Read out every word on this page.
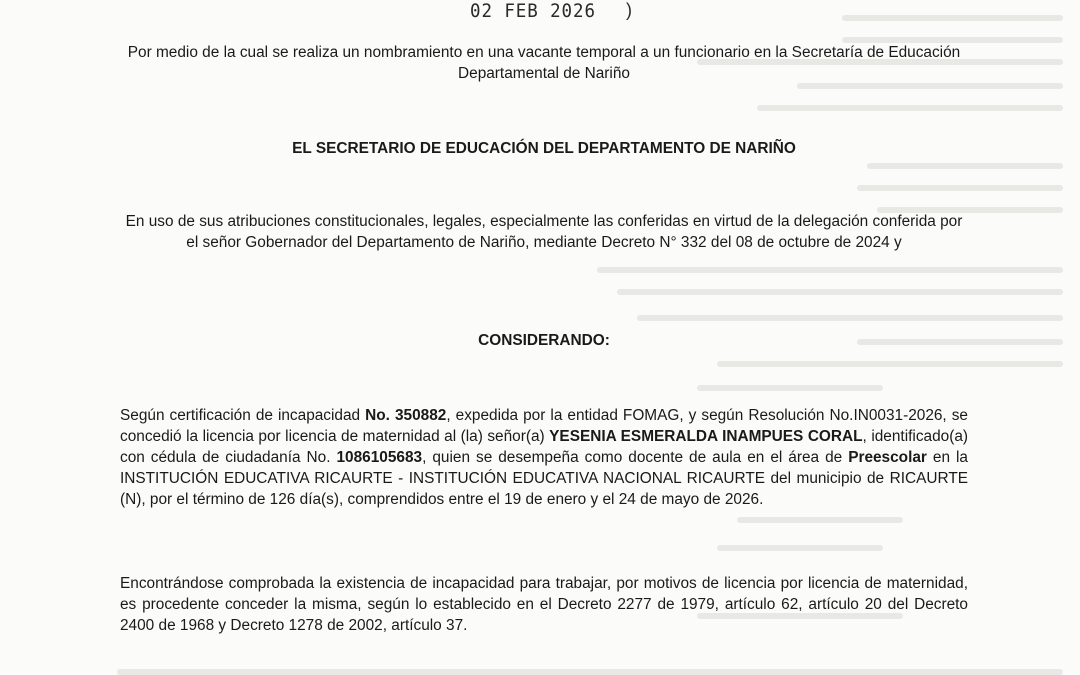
02 FEB 2026 )

Por medio de la cual se realiza un nombramiento en una vacante temporal a un funcionario en la Secretaría de Educación Departamental de Nariño

EL SECRETARIO DE EDUCACIÓN DEL DEPARTAMENTO DE NARIÑO

En uso de sus atribuciones constitucionales, legales, especialmente las conferidas en virtud de la delegación conferida por el señor Gobernador del Departamento de Nariño, mediante Decreto N° 332 del 08 de octubre de 2024 y

CONSIDERANDO:

Según certificación de incapacidad No. 350882, expedida por la entidad FOMAG, y según Resolución No.IN0031-2026, se concedió la licencia por licencia de maternidad al (la) señor(a) YESENIA ESMERALDA INAMPUES CORAL, identificado(a) con cédula de ciudadanía No. 1086105683, quien se desempeña como docente de aula en el área de Preescolar en la INSTITUCIÓN EDUCATIVA RICAURTE - INSTITUCIÓN EDUCATIVA NACIONAL RICAURTE del municipio de RICAURTE (N), por el término de 126 día(s), comprendidos entre el 19 de enero y el 24 de mayo de 2026.

Encontrándose comprobada la existencia de incapacidad para trabajar, por motivos de licencia por licencia de maternidad, es procedente conceder la misma, según lo establecido en el Decreto 2277 de 1979, artículo 62, artículo 20 del Decreto 2400 de 1968 y Decreto 1278 de 2002, artículo 37.
